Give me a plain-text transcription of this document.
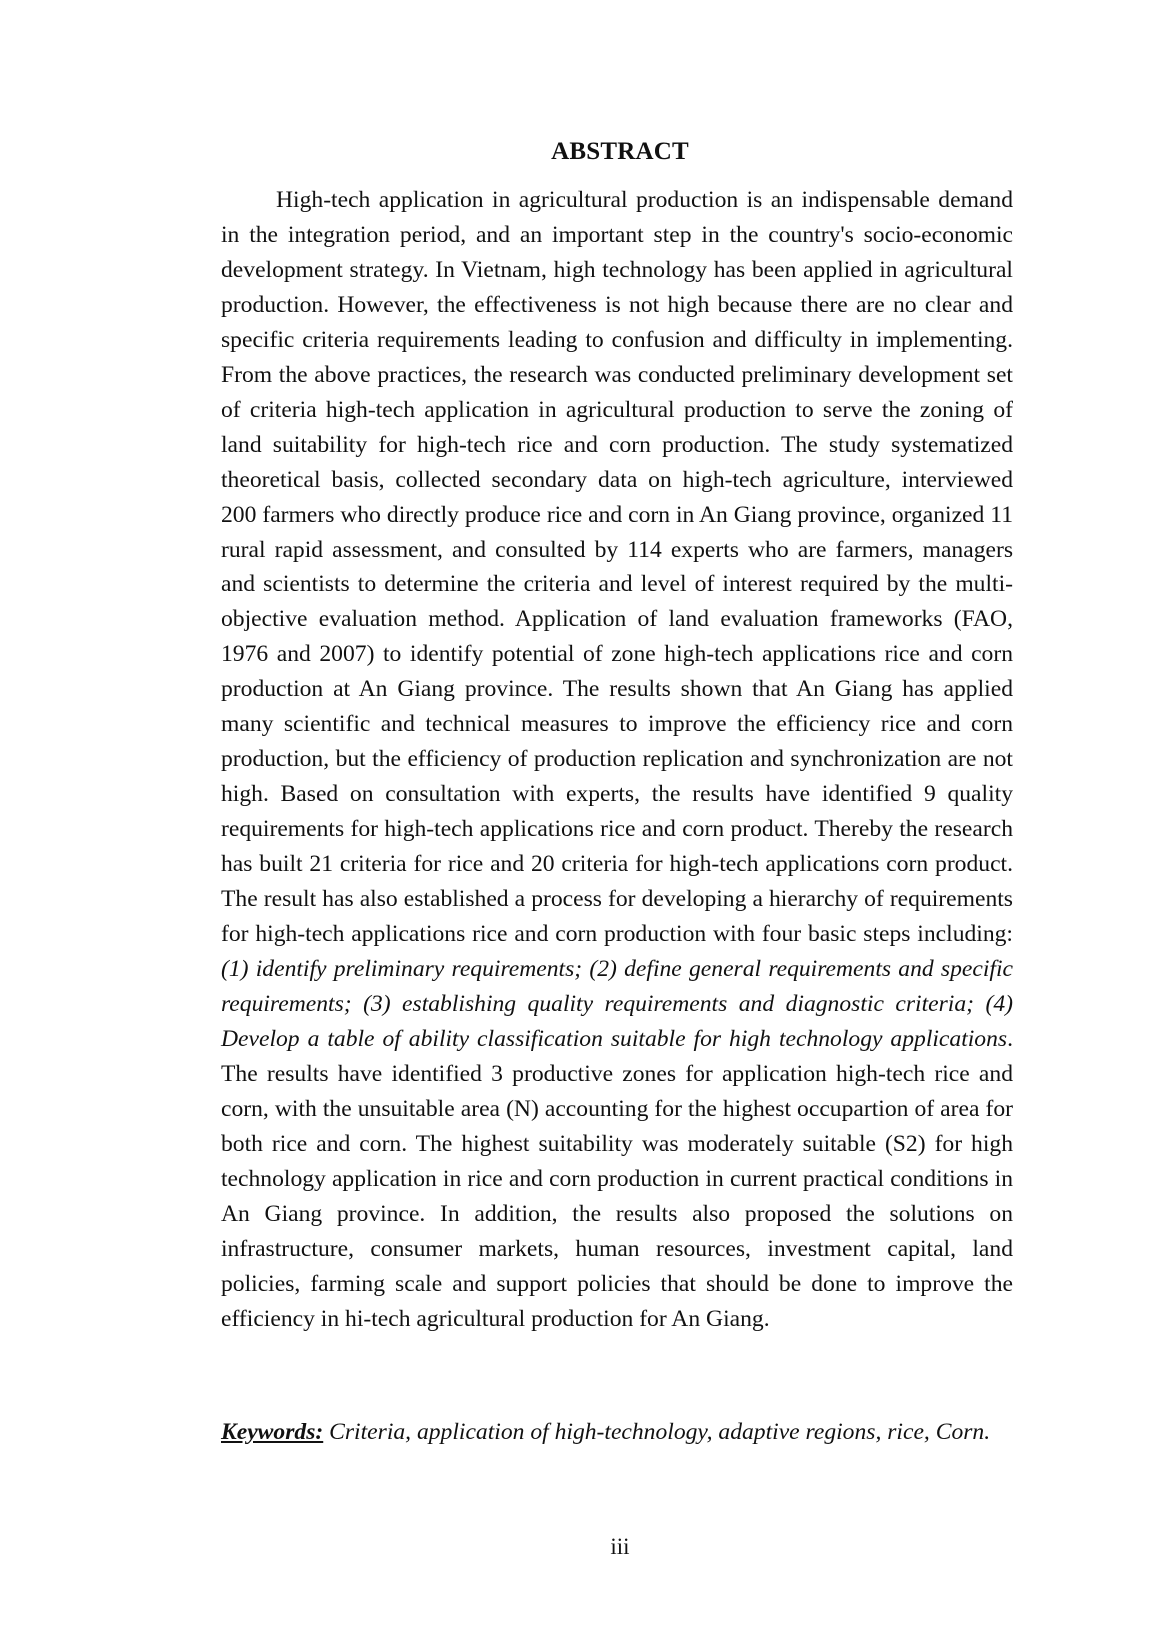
ABSTRACT

High-tech application in agricultural production is an indispensable demand in the integration period, and an important step in the country's socio-economic development strategy. In Vietnam, high technology has been applied in agricultural production. However, the effectiveness is not high because there are no clear and specific criteria requirements leading to confusion and difficulty in implementing. From the above practices, the research was conducted preliminary development set of criteria high-tech application in agricultural production to serve the zoning of land suitability for high-tech rice and corn production. The study systematized theoretical basis, collected secondary data on high-tech agriculture, interviewed 200 farmers who directly produce rice and corn in An Giang province, organized 11 rural rapid assessment, and consulted by 114 experts who are farmers, managers and scientists to determine the criteria and level of interest required by the multi-objective evaluation method. Application of land evaluation frameworks (FAO, 1976 and 2007) to identify potential of zone high-tech applications rice and corn production at An Giang province. The results shown that An Giang has applied many scientific and technical measures to improve the efficiency rice and corn production, but the efficiency of production replication and synchronization are not high. Based on consultation with experts, the results have identified 9 quality requirements for high-tech applications rice and corn product. Thereby the research has built 21 criteria for rice and 20 criteria for high-tech applications corn product. The result has also established a process for developing a hierarchy of requirements for high-tech applications rice and corn production with four basic steps including: (1) identify preliminary requirements; (2) define general requirements and specific requirements; (3) establishing quality requirements and diagnostic criteria; (4) Develop a table of ability classification suitable for high technology applications. The results have identified 3 productive zones for application high-tech rice and corn, with the unsuitable area (N) accounting for the highest occupartion of area for both rice and corn. The highest suitability was moderately suitable (S2) for high technology application in rice and corn production in current practical conditions in An Giang province. In addition, the results also proposed the solutions on infrastructure, consumer markets, human resources, investment capital, land policies, farming scale and support policies that should be done to improve the efficiency in hi-tech agricultural production for An Giang.

Keywords: Criteria, application of high-technology, adaptive regions, rice, Corn.

iii
